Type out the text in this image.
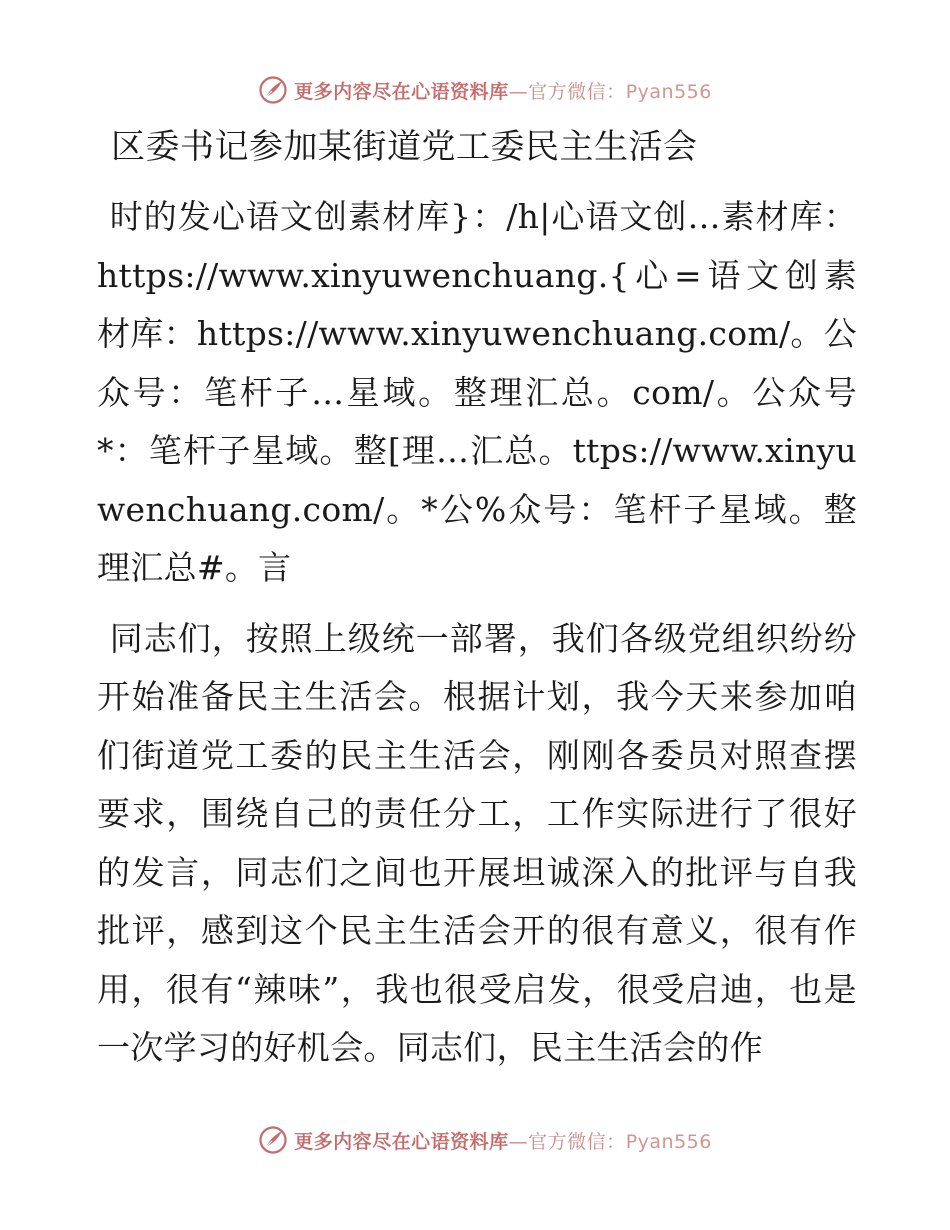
更多内容尽在心语资料库—官方微信：Pyan556
区委书记参加某街道党工委民主生活会

时的发心语文创素材库}：/h|心语文创…素材库：https://www.xinyuwenchuang.{心=语文创素材库：https://www.xinyuwenchuang.com/。公众号：笔杆子…星域。整理汇总。com/。公众号*：笔杆子星域。整[理…汇总。ttps://www.xinyuwenchuang.com/。*公%众号：笔杆子星域。整理汇总#。言

同志们，按照上级统一部署，我们各级党组织纷纷开始准备民主生活会。根据计划，我今天来参加咱们街道党工委的民主生活会，刚刚各委员对照查摆要求，围绕自己的责任分工，工作实际进行了很好的发言，同志们之间也开展坦诚深入的批评与自我批评，感到这个民主生活会开的很有意义，很有作用，很有“辣味”，我也很受启发，很受启迪，也是一次学习的好机会。同志们，民主生活会的作

更多内容尽在心语资料库—官方微信：Pyan556
